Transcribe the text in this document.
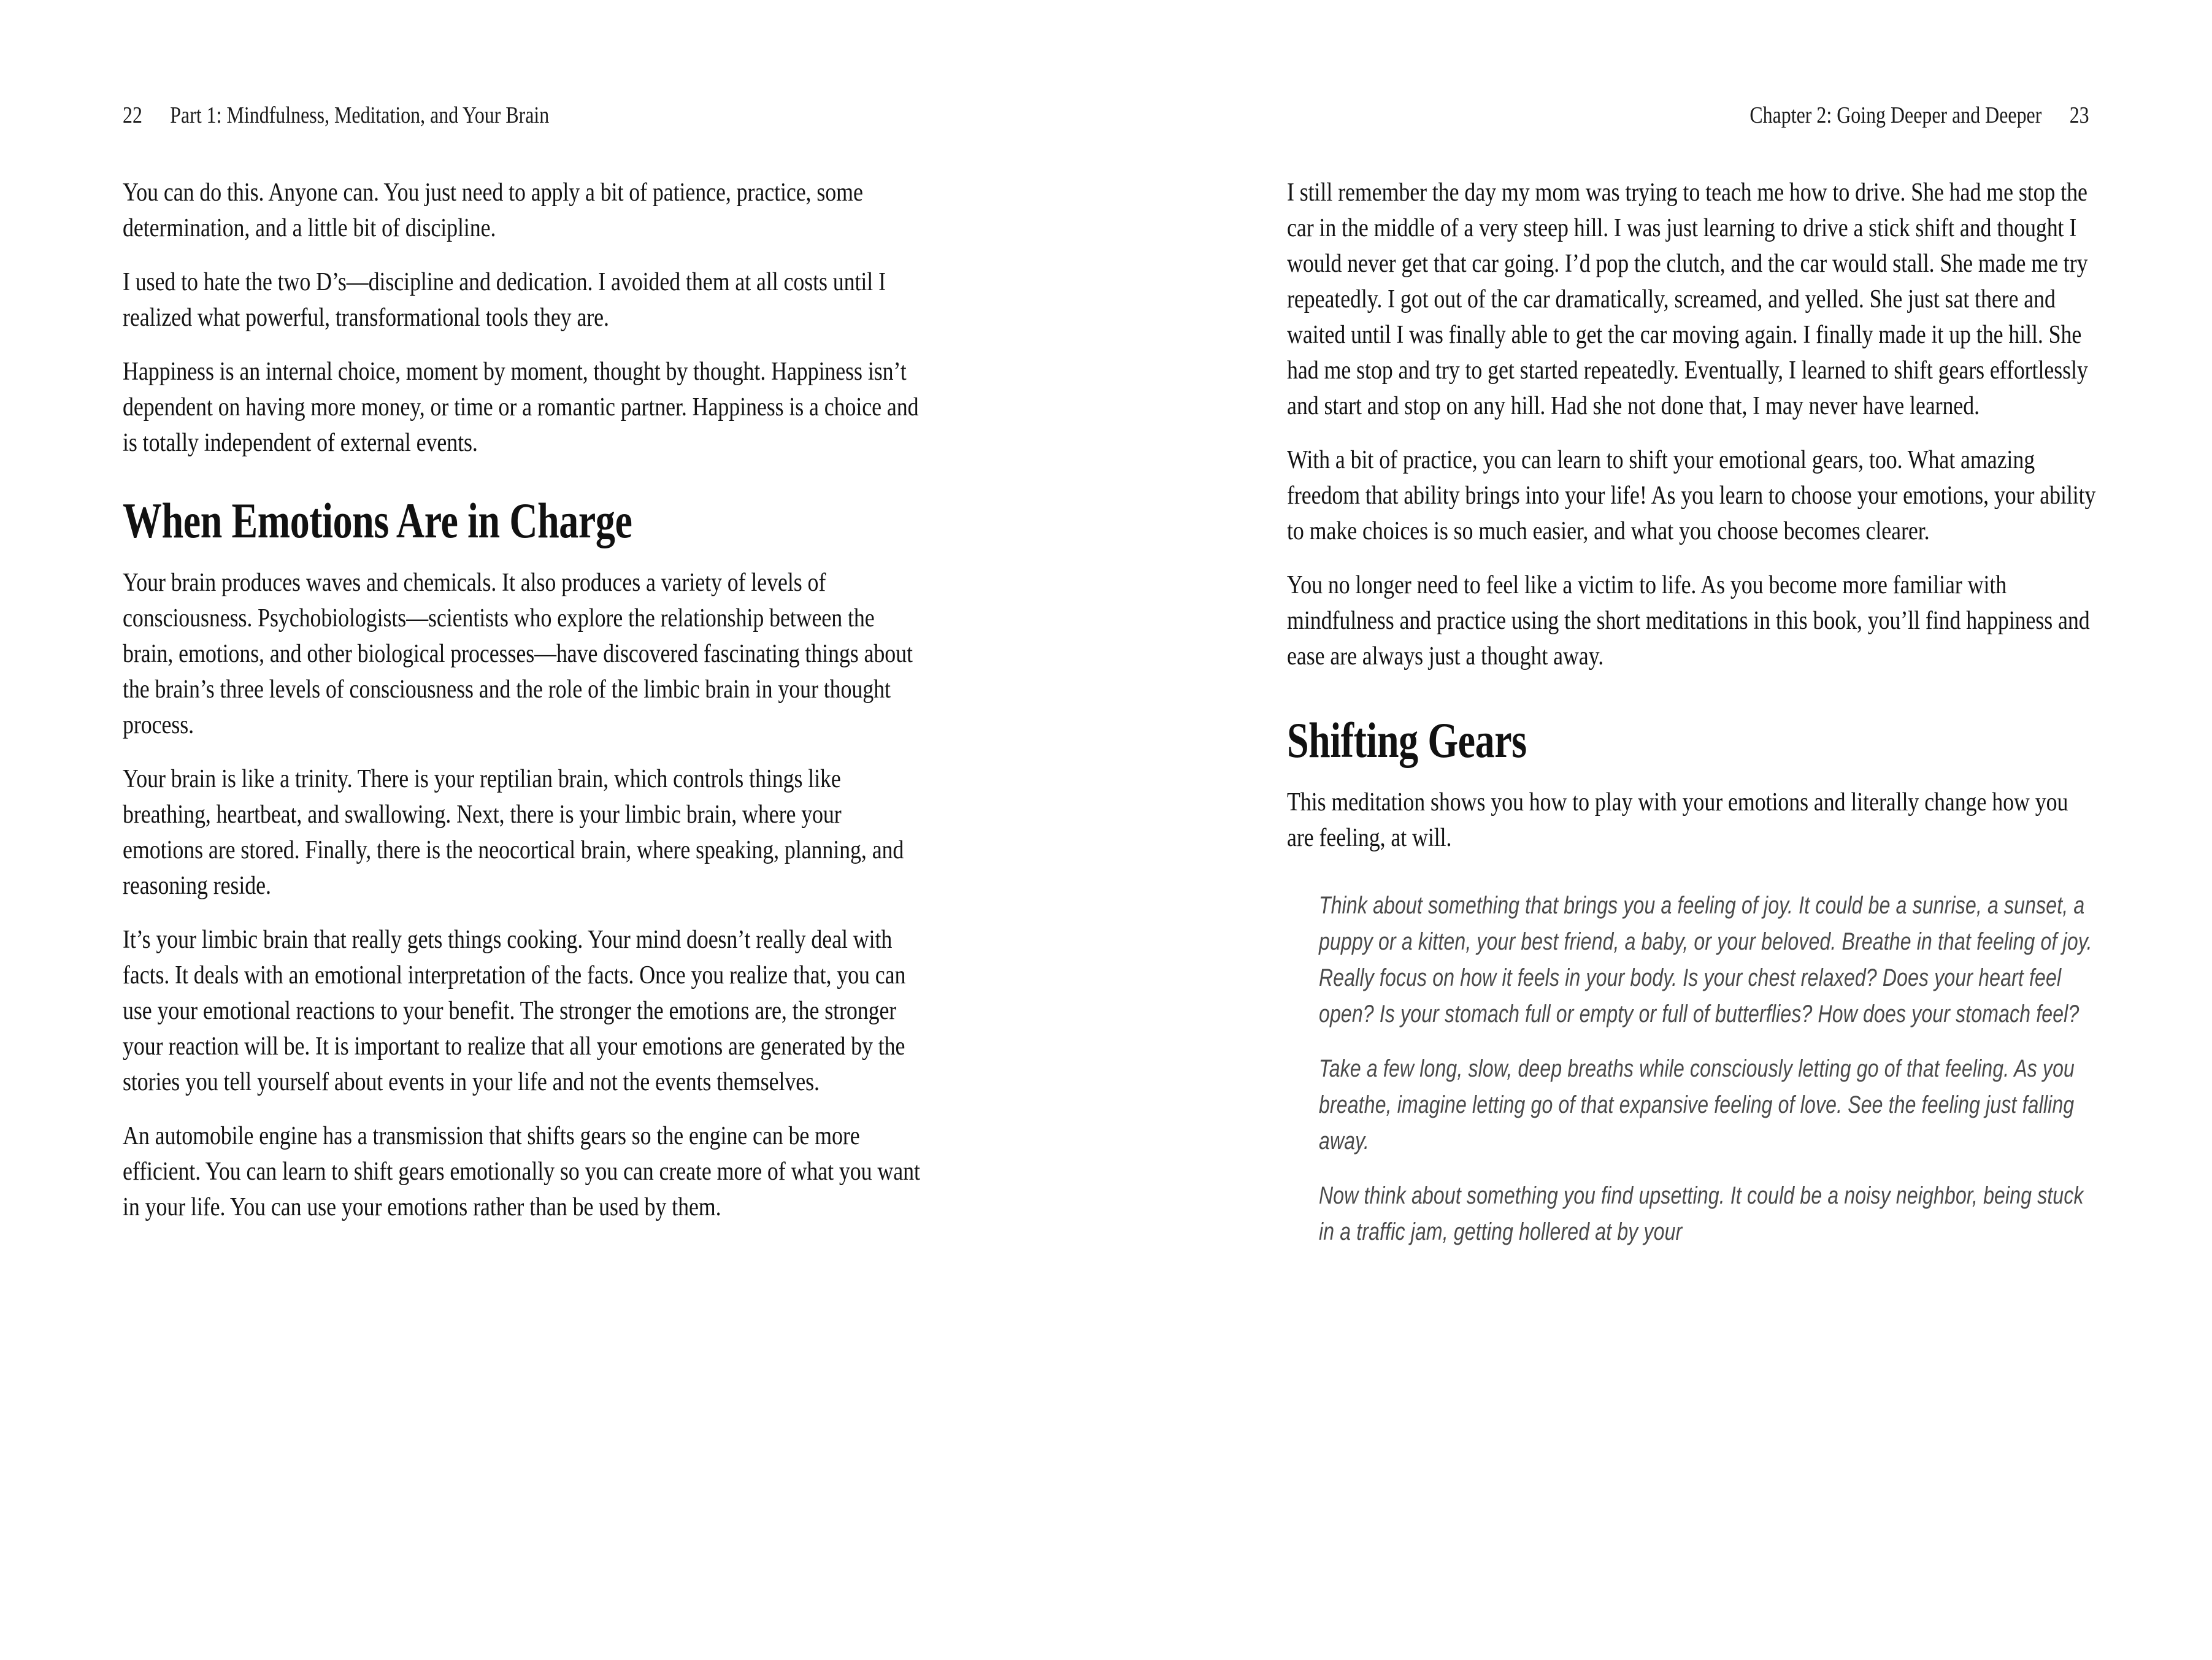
22 Part 1: Mindfulness, Meditation, and Your Brain	Chapter 2: Going Deeper and Deeper 23

You can do this. Anyone can. You just need to apply a bit of patience, practice, some determination, and a little bit of discipline.

I used to hate the two D’s—discipline and dedication. I avoided them at all costs until I realized what powerful, transformational tools they are.

Happiness is an internal choice, moment by moment, thought by thought. Happiness isn’t dependent on having more money, or time or a romantic partner. Happiness is a choice and is totally independent of external events.

When Emotions Are in Charge

Your brain produces waves and chemicals. It also produces a variety of levels of consciousness. Psychobiologists—scientists who explore the relationship between the brain, emotions, and other biological processes—have discovered fascinating things about the brain’s three levels of consciousness and the role of the limbic brain in your thought process.

Your brain is like a trinity. There is your reptilian brain, which controls things like breathing, heartbeat, and swallowing. Next, there is your limbic brain, where your emotions are stored. Finally, there is the neocortical brain, where speaking, planning, and reasoning reside.

It’s your limbic brain that really gets things cooking. Your mind doesn’t really deal with facts. It deals with an emotional interpretation of the facts. Once you realize that, you can use your emotional reactions to your benefit. The stronger the emotions are, the stronger your reaction will be. It is important to realize that all your emotions are generated by the stories you tell yourself about events in your life and not the events themselves.

An automobile engine has a transmission that shifts gears so the engine can be more efficient. You can learn to shift gears emotionally so you can create more of what you want in your life. You can use your emotions rather than be used by them.

I still remember the day my mom was trying to teach me how to drive. She had me stop the car in the middle of a very steep hill. I was just learning to drive a stick shift and thought I would never get that car going. I’d pop the clutch, and the car would stall. She made me try repeatedly. I got out of the car dramatically, screamed, and yelled. She just sat there and waited until I was finally able to get the car moving again. I finally made it up the hill. She had me stop and try to get started repeatedly. Eventually, I learned to shift gears effortlessly and start and stop on any hill. Had she not done that, I may never have learned.

With a bit of practice, you can learn to shift your emotional gears, too. What amazing freedom that ability brings into your life! As you learn to choose your emotions, your ability to make choices is so much easier, and what you choose becomes clearer.

You no longer need to feel like a victim to life. As you become more familiar with mindfulness and practice using the short meditations in this book, you’ll find happiness and ease are always just a thought away.

Shifting Gears

This meditation shows you how to play with your emotions and literally change how you are feeling, at will.

Think about something that brings you a feeling of joy. It could be a sunrise, a sunset, a puppy or a kitten, your best friend, a baby, or your beloved. Breathe in that feeling of joy. Really focus on how it feels in your body. Is your chest relaxed? Does your heart feel open? Is your stomach full or empty or full of butterflies? How does your stomach feel?

Take a few long, slow, deep breaths while consciously letting go of that feeling. As you breathe, imagine letting go of that expansive feeling of love. See the feeling just falling away.

Now think about something you find upsetting. It could be a noisy neighbor, being stuck in a traffic jam, getting hollered at by your
